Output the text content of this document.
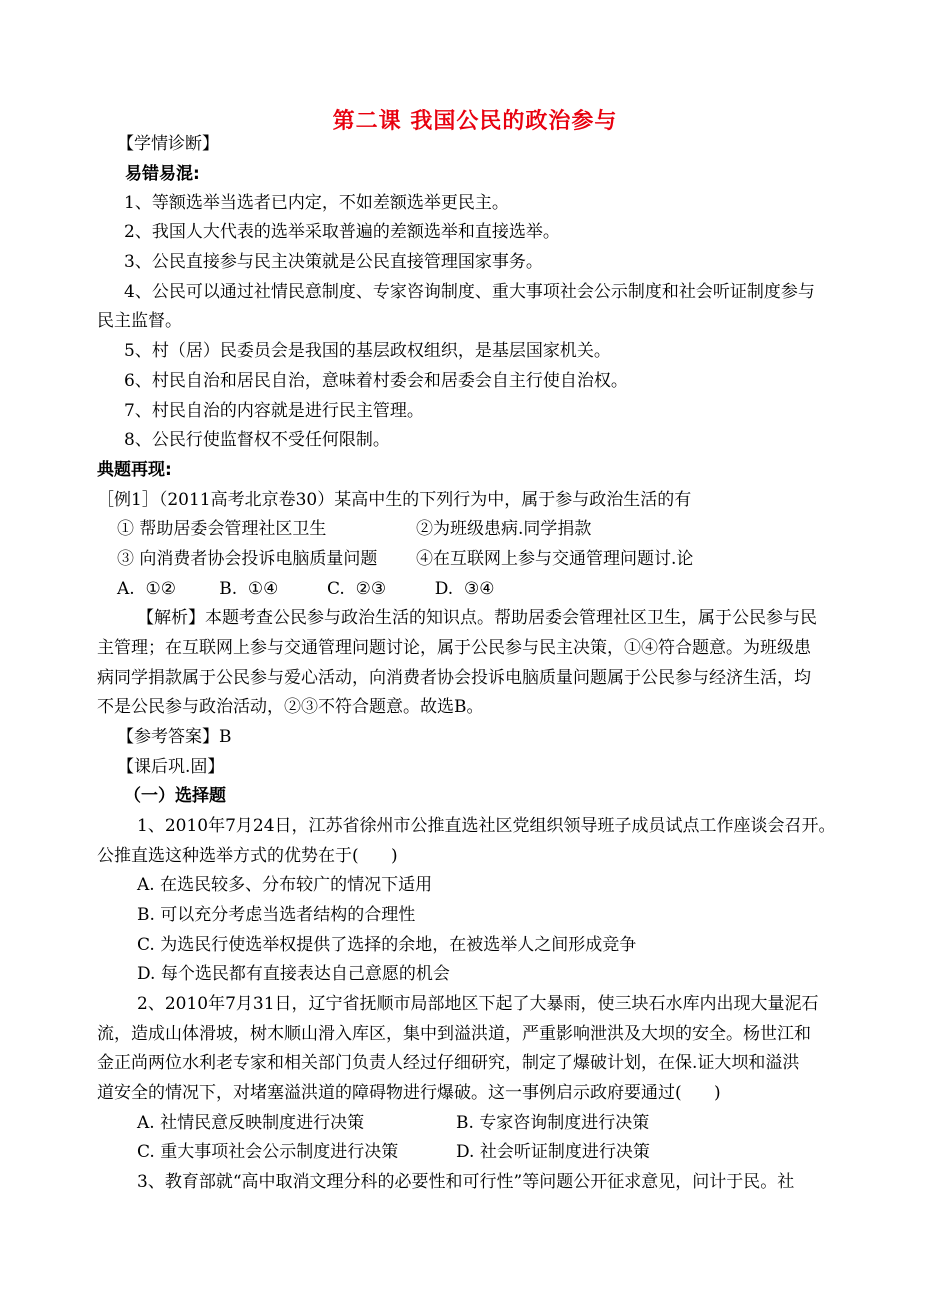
第二课 我国公民的政治参与
【学情诊断】
易错易混:
1、等额选举当选者已内定，不如差额选举更民主。
2、我国人大代表的选举采取普遍的差额选举和直接选举。
3、公民直接参与民主决策就是公民直接管理国家事务。
4、公民可以通过社情民意制度、专家咨询制度、重大事项社会公示制度和社会听证制度参与
民主监督。
5、村（居）民委员会是我国的基层政权组织，是基层国家机关。
6、村民自治和居民自治，意味着村委会和居委会自主行使自治权。
7、村民自治的内容就是进行民主管理。
8、公民行使监督权不受任何限制。
典题再现:
［例1］（2011高考北京卷30）某高中生的下列行为中，属于参与政治生活的有
① 帮助居委会管理社区卫生	②为班级患病.同学捐款
③ 向消费者协会投诉电脑质量问题 ④在互联网上参与交通管理问题讨.论
A.  ①②        B.  ①④         C.  ②③         D.  ③④
【解析】本题考查公民参与政治生活的知识点。帮助居委会管理社区卫生，属于公民参与民
主管理；在互联网上参与交通管理问题讨论，属于公民参与民主决策，①④符合题意。为班级患
病同学捐款属于公民参与爱心活动，向消费者协会投诉电脑质量问题属于公民参与经济生活，均
不是公民参与政治活动，②③不符合题意。故选B。
【参考答案】B
【课后巩.固】
（一）选择题
1、2010年7月24日，江苏省徐州市公推直选社区党组织领导班子成员试点工作座谈会召开。
公推直选这种选举方式的优势在于(      )
A. 在选民较多、分布较广的情况下适用
B. 可以充分考虑当选者结构的合理性
C. 为选民行使选举权提供了选择的余地，在被选举人之间形成竞争
D. 每个选民都有直接表达自己意愿的机会
2、2010年7月31日，辽宁省抚顺市局部地区下起了大暴雨，使三块石水库内出现大量泥石
流，造成山体滑坡，树木顺山滑入库区，集中到溢洪道，严重影响泄洪及大坝的安全。杨世江和
金正尚两位水利老专家和相关部门负责人经过仔细研究，制定了爆破计划，在保.证大坝和溢洪
道安全的情况下，对堵塞溢洪道的障碍物进行爆破。这一事例启示政府要通过(      )
A. 社情民意反映制度进行决策	B. 专家咨询制度进行决策
C. 重大事项社会公示制度进行决策	D. 社会听证制度进行决策
3、教育部就“高中取消文理分科的必要性和可行性”等问题公开征求意见，问计于民。社
